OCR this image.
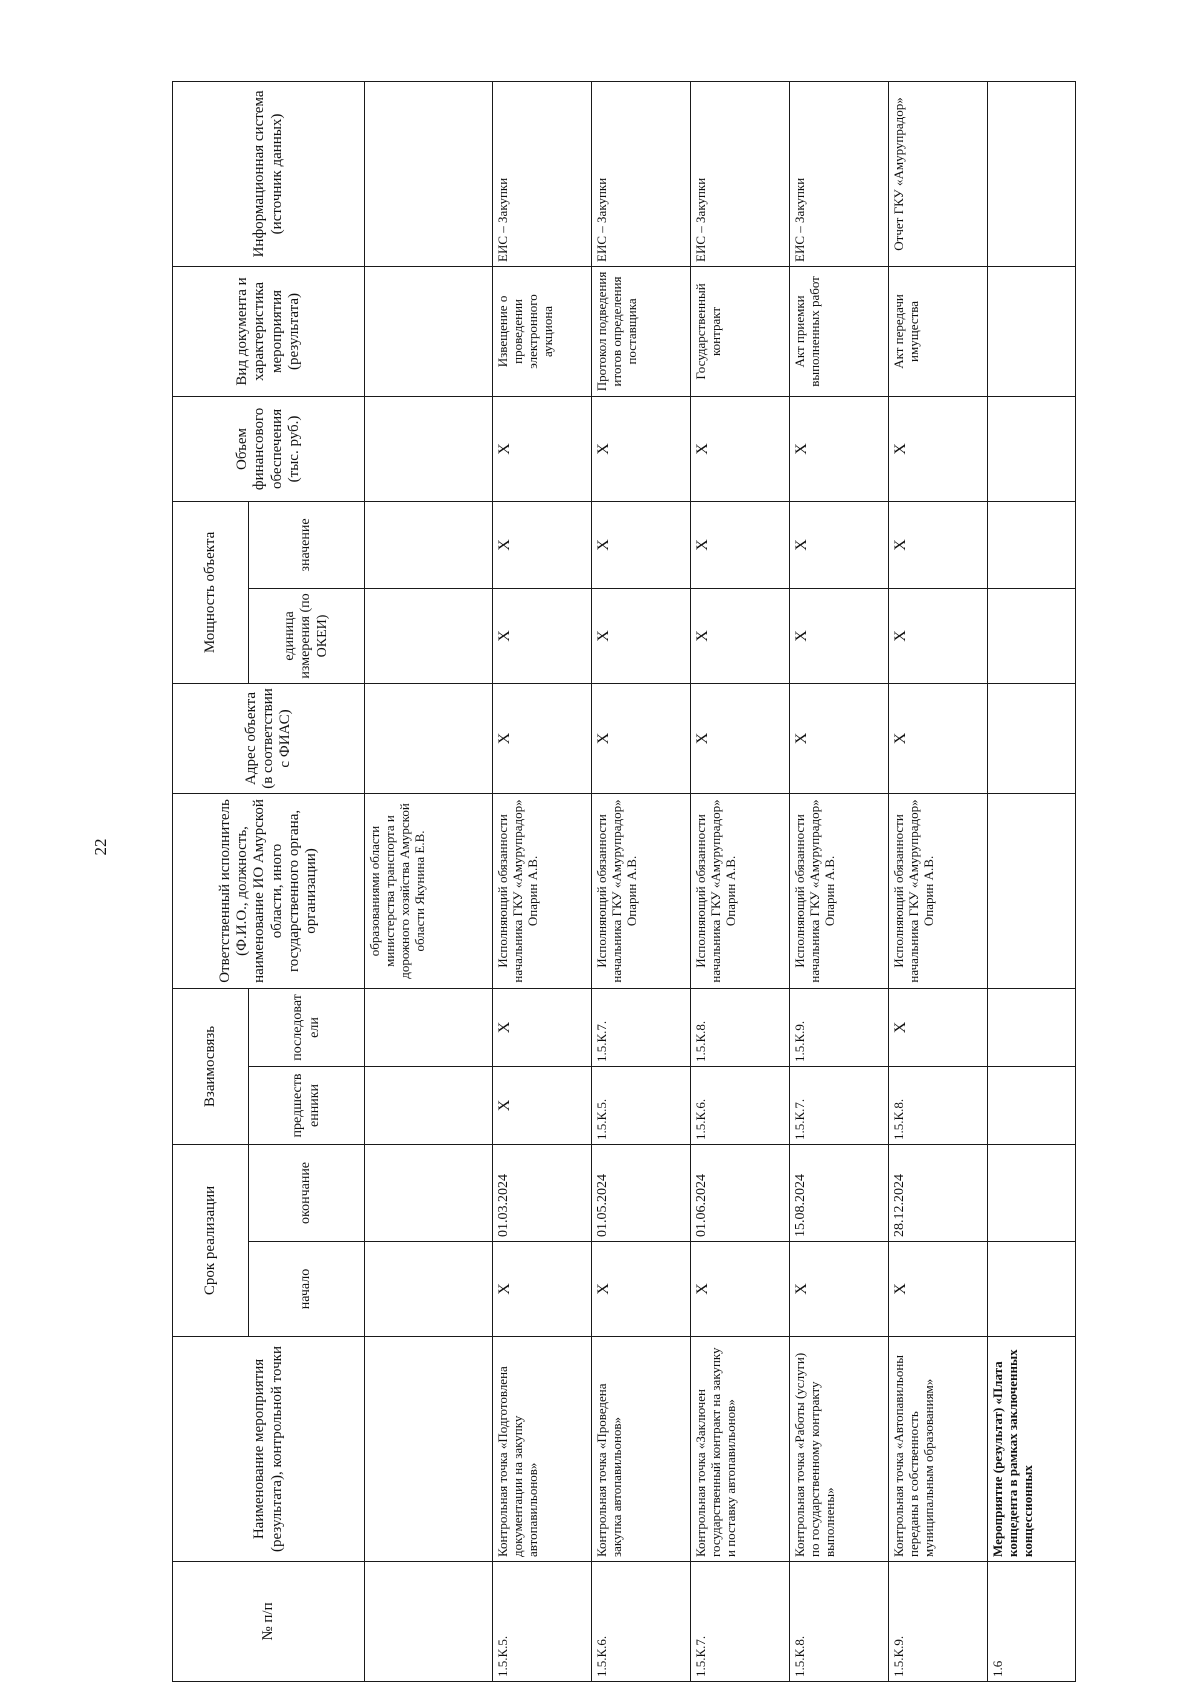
22
№ п/п	Наименование мероприятия (результата), контрольной точки	Срок реализации		Взаимосвязь		Ответственный исполнитель (Ф.И.О., должность, наименование ИО Амурской области, иного государственного органа, организации)	Адрес объекта (в соответствии с ФИАС)	Мощность объекта		Объем финансового обеспечения (тыс. руб.)	Вид документа и характеристика мероприятия (результата)	Информационная система (источник данных)
		начало	окончание	предшественники	последователи			единица измерения (по ОКЕИ)	значение			
						образованиями области министерства транспорта и дорожного хозяйства Амурской области Якунина Е.В.						
1.5.К.5.	Контрольная точка «Подготовлена документации на закупку автопавильонов»	X	01.03.2024	X	X	Исполняющий обязанности начальника ГКУ «Амурупрадор» Опарин А.В.	X	X	X	X	Извещение о проведении электронного аукциона	ЕИС – Закупки
1.5.К.6.	Контрольная точка «Проведена закупка автопавильонов»	X	01.05.2024	1.5.К.5.	1.5.К.7.	Исполняющий обязанности начальника ГКУ «Амурупрадор» Опарин А.В.	X	X	X	X	Протокол подведения итогов определения поставщика	ЕИС – Закупки
1.5.К.7.	Контрольная точка «Заключен государственный контракт на закупку и поставку автопавильонов»	X	01.06.2024	1.5.К.6.	1.5.К.8.	Исполняющий обязанности начальника ГКУ «Амурупрадор» Опарин А.В.	X	X	X	X	Государственный контракт	ЕИС – Закупки
1.5.К.8.	Контрольная точка «Работы (услуги) по государственному контракту выполнены»	X	15.08.2024	1.5.К.7.	1.5.К.9.	Исполняющий обязанности начальника ГКУ «Амурупрадор» Опарин А.В.	X	X	X	X	Акт приемки выполненных работ	ЕИС – Закупки
1.5.К.9.	Контрольная точка «Автопавильоны переданы в собственность муниципальным образованиям»	X	28.12.2024	1.5.К.8.	X	Исполняющий обязанности начальника ГКУ «Амурупрадор» Опарин А.В.	X	X	X	X	Акт передачи имущества	Отчет ГКУ «Амурупрадор»
1.6	Мероприятие (результат) «Плата концедента в рамках заключенных концессионных											
